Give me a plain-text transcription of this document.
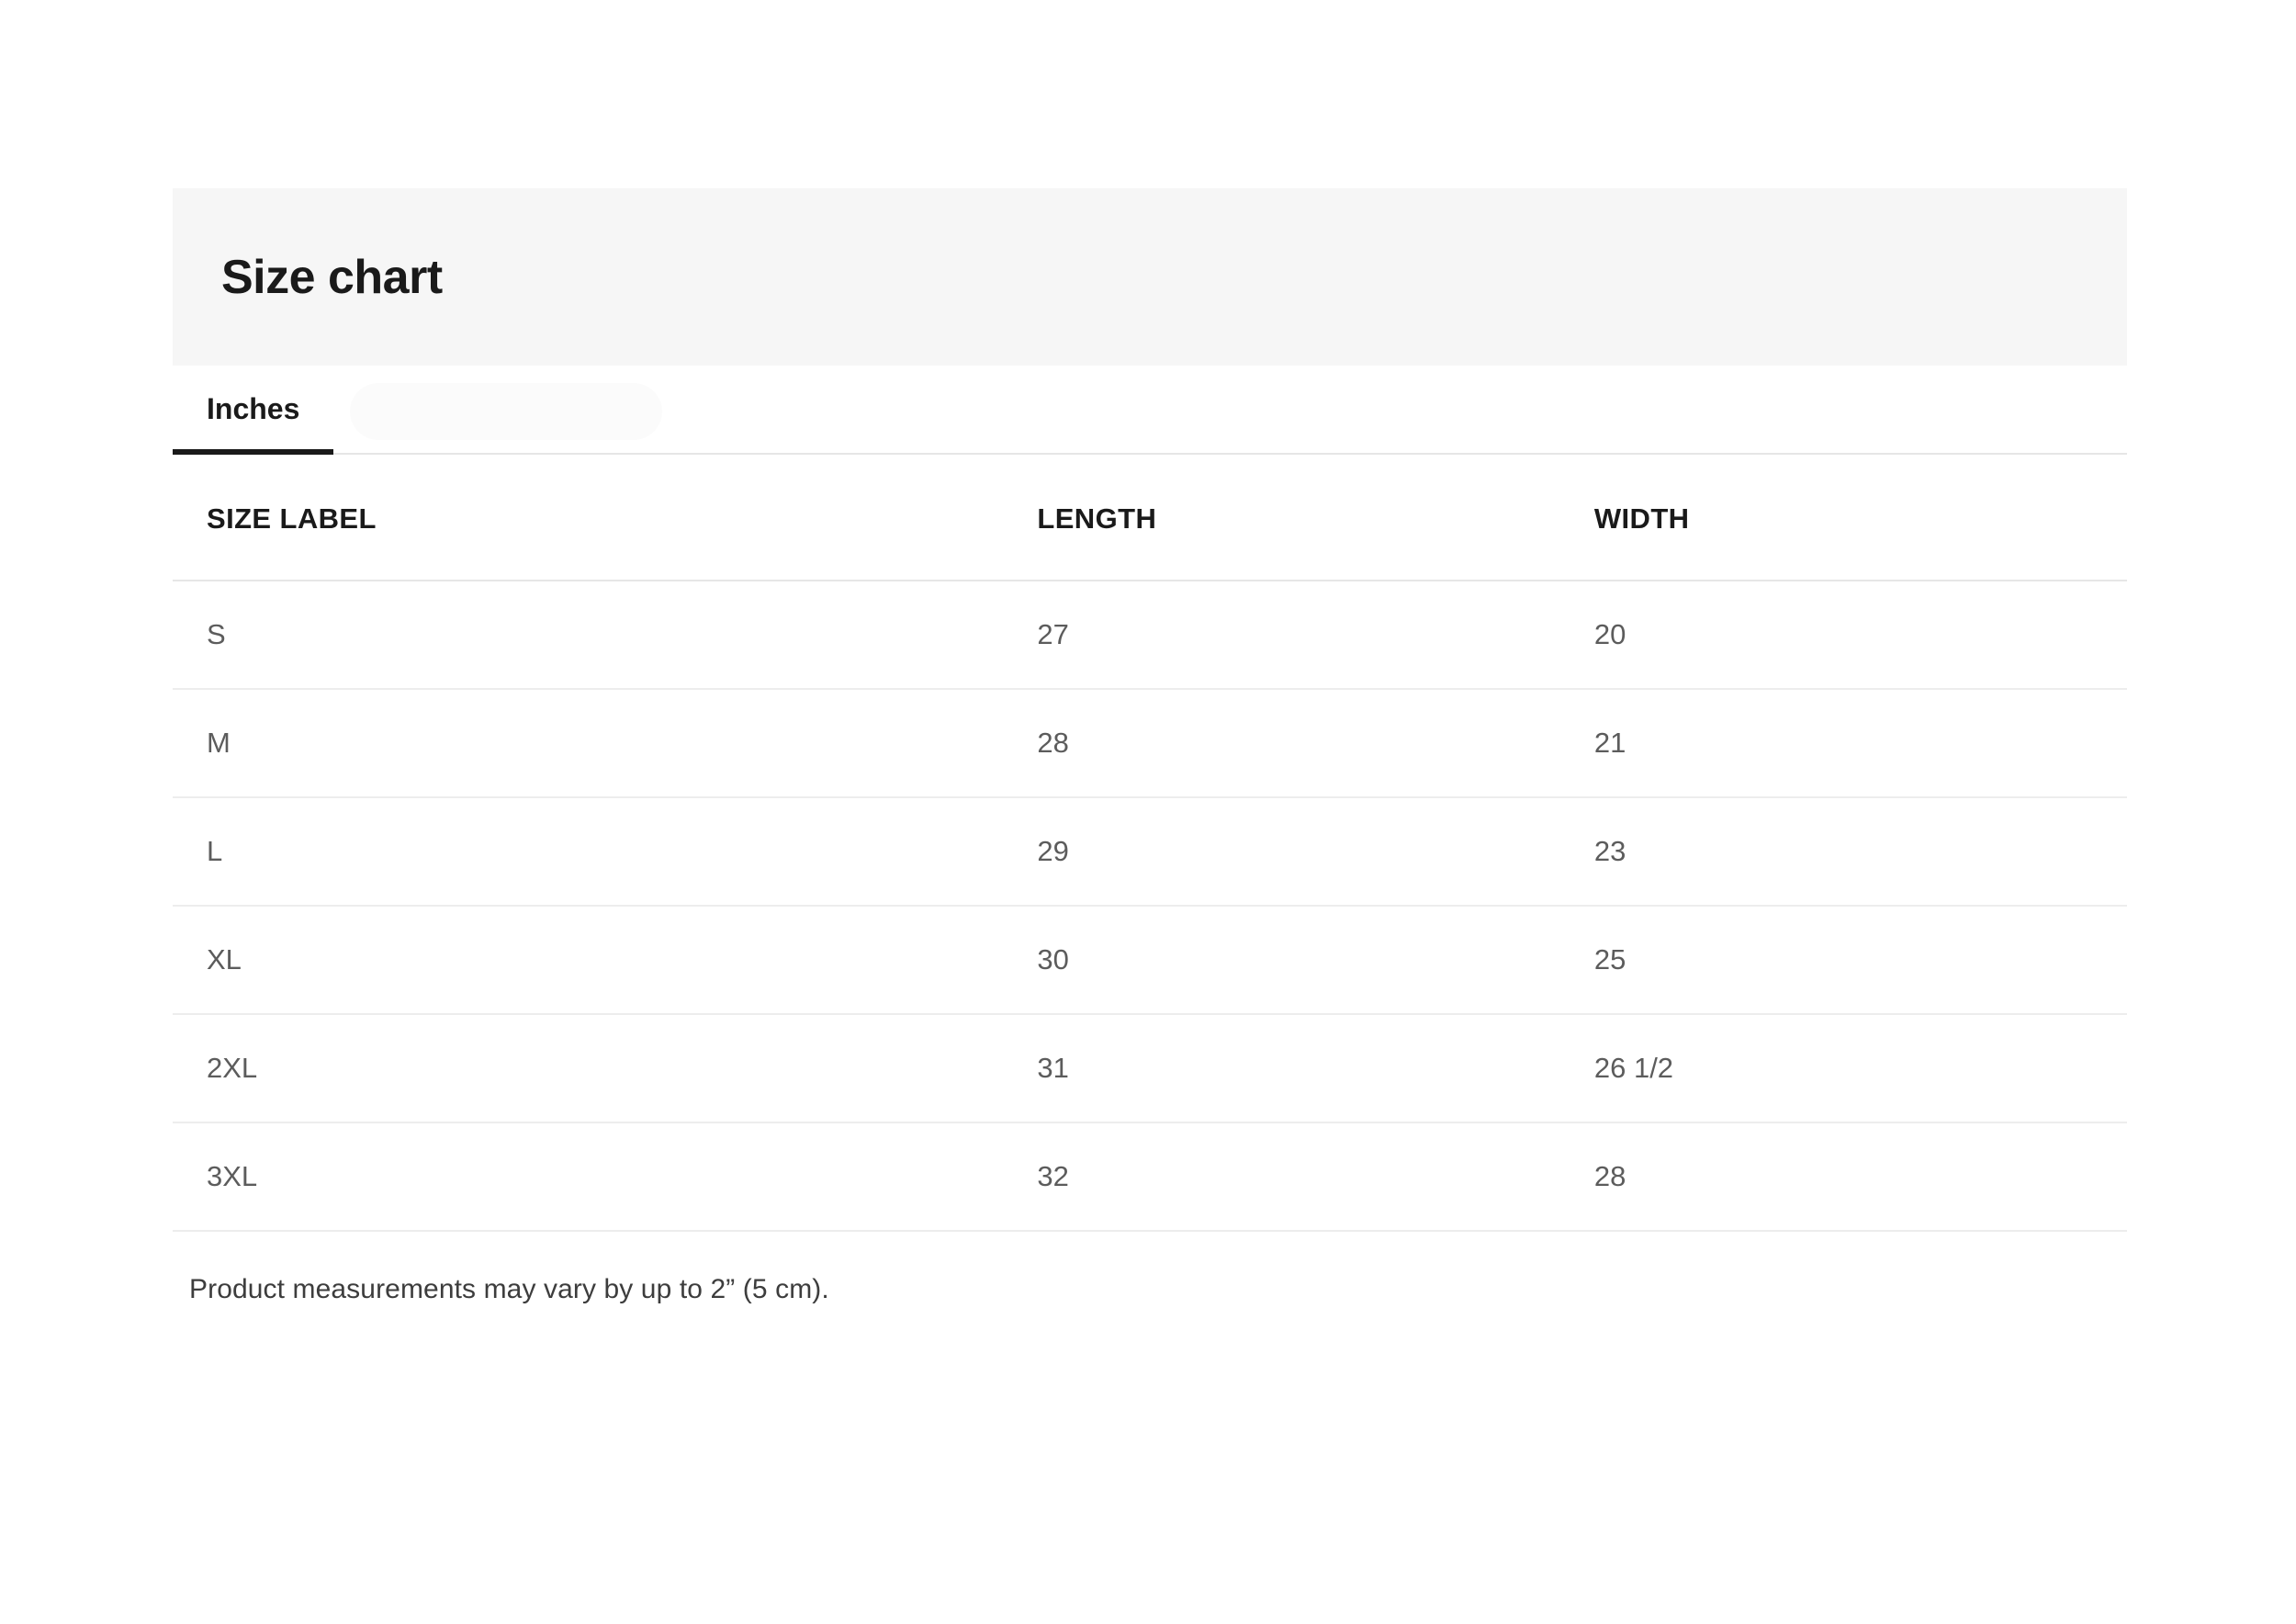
Size chart
Inches
SIZE LABEL	LENGTH	WIDTH
S	27	20
M	28	21
L	29	23
XL	30	25
2XL	31	26 1/2
3XL	32	28
Product measurements may vary by up to 2” (5 cm).
